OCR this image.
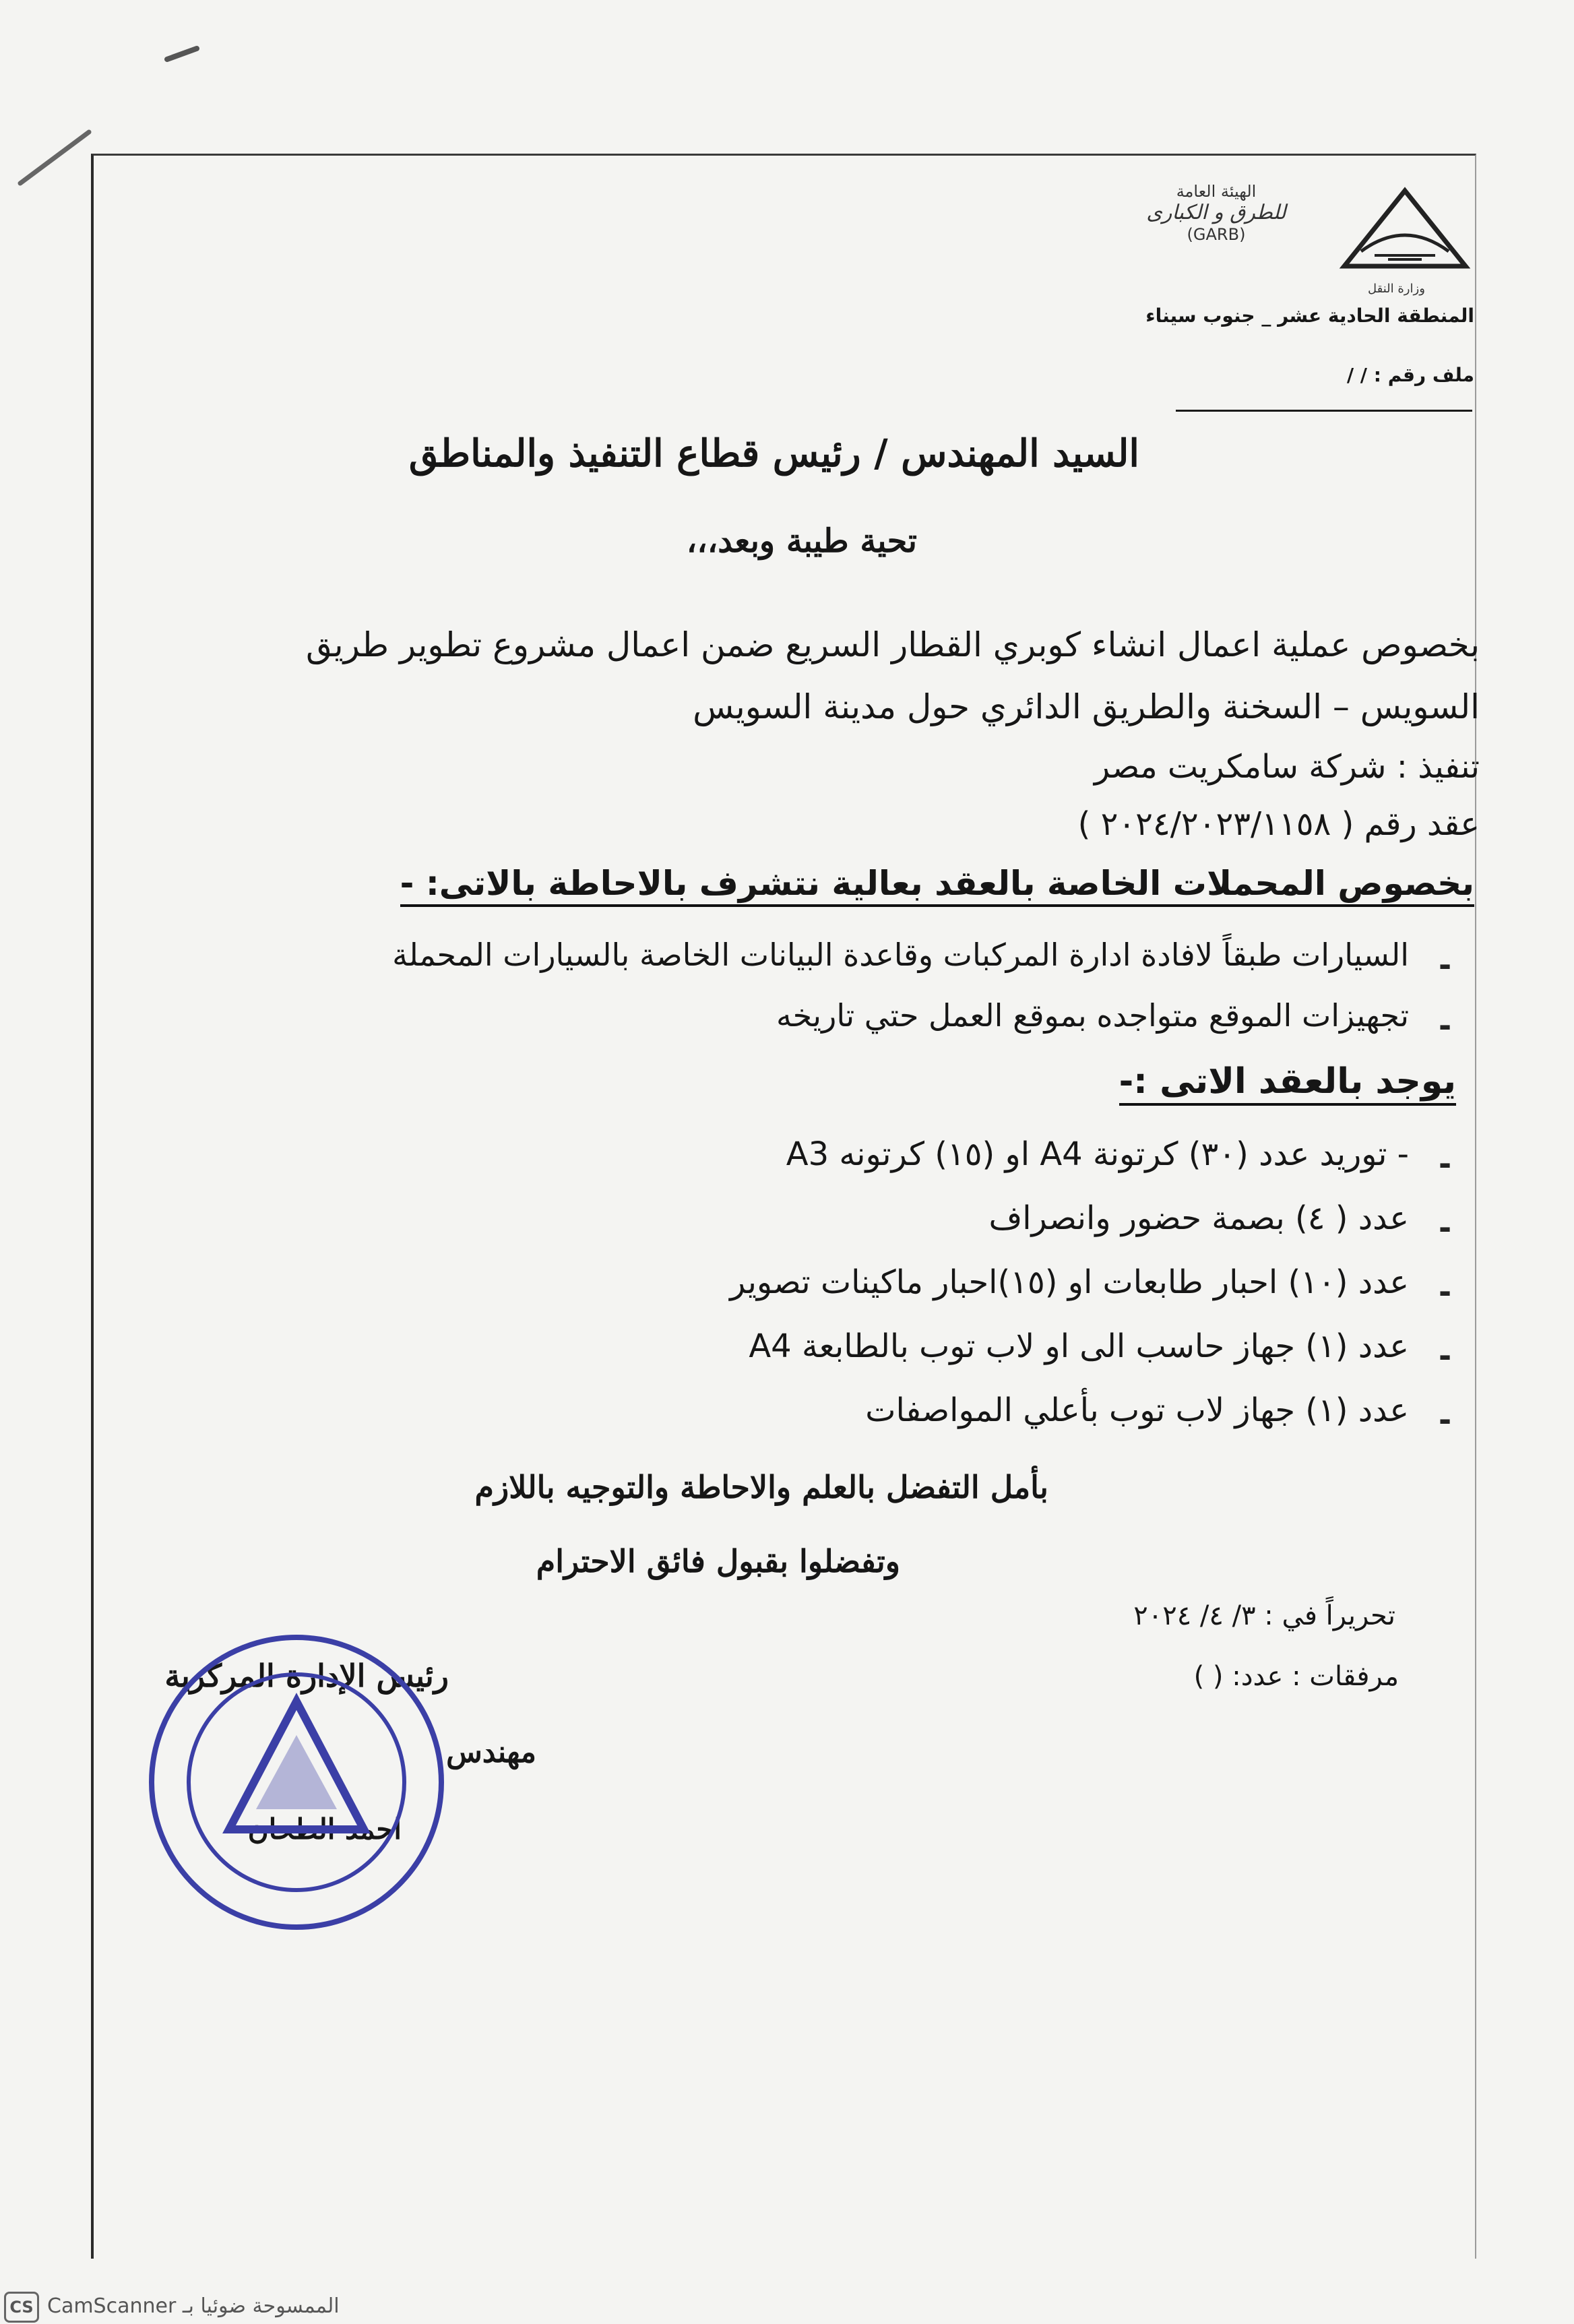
وزارة النقل
الهيئة العامة
للطرق و الكبارى
(GARB)
المنطقة الحادية عشر _ جنوب سيناء
ملف رقم : / /
السيد المهندس / رئيس قطاع التنفيذ والمناطق
تحية طيبة وبعد،،،
بخصوص عملية اعمال انشاء كوبري القطار السريع ضمن اعمال مشروع تطوير طريق
السويس – السخنة والطريق الدائري حول مدينة السويس
تنفيذ : شركة سامكريت مصر
عقد رقم ( ٢٠٢٤/٢٠٢٣/١١٥٨ )
بخصوص المحملات الخاصة بالعقد بعالية نتشرف بالاحاطة بالاتى: -
-
السيارات طبقاً لافادة ادارة المركبات وقاعدة البيانات الخاصة بالسيارات المحملة
-
تجهيزات الموقع متواجده بموقع العمل حتي تاريخه
يوجد بالعقد الاتى :-
-
- توريد عدد (٣٠) كرتونة A4 او (١٥) كرتونه A3
-
عدد ( ٤) بصمة حضور وانصراف
-
عدد (١٠) احبار طابعات او (١٥)احبار ماكينات تصوير
-
عدد (١) جهاز حاسب الى او لاب توب بالطابعة A4
-
عدد (١) جهاز لاب توب بأعلي المواصفات
بأمل التفضل بالعلم والاحاطة والتوجيه باللازم
وتفضلوا بقبول فائق الاحترام
تحريراً في : ٣/ ٤/ ٢٠٢٤
مرفقات : عدد: ( )
رئيس الإدارة المركزية
مهندس
احمد الطحان
CS الممسوحة ضوئيا بـ CamScanner
